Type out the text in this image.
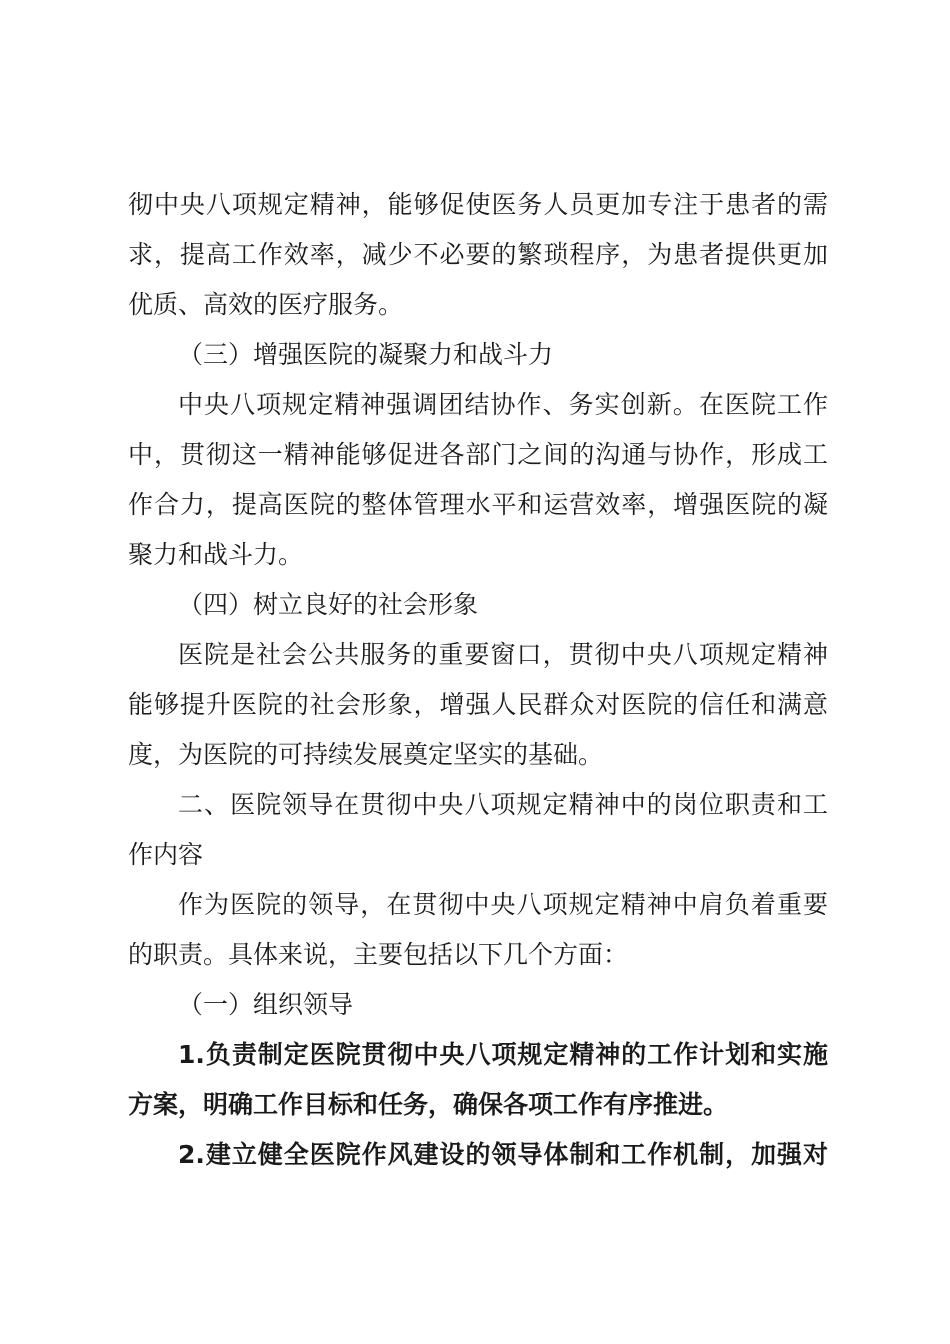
彻中央八项规定精神，能够促使医务人员更加专注于患者的需
求，提高工作效率，减少不必要的繁琐程序，为患者提供更加
优质、高效的医疗服务。
（三）增强医院的凝聚力和战斗力
中央八项规定精神强调团结协作、务实创新。在医院工作
中，贯彻这一精神能够促进各部门之间的沟通与协作，形成工
作合力，提高医院的整体管理水平和运营效率，增强医院的凝
聚力和战斗力。
（四）树立良好的社会形象
医院是社会公共服务的重要窗口，贯彻中央八项规定精神
能够提升医院的社会形象，增强人民群众对医院的信任和满意
度，为医院的可持续发展奠定坚实的基础。
二、医院领导在贯彻中央八项规定精神中的岗位职责和工
作内容
作为医院的领导，在贯彻中央八项规定精神中肩负着重要
的职责。具体来说，主要包括以下几个方面：
（一）组织领导
1.负责制定医院贯彻中央八项规定精神的工作计划和实施
方案，明确工作目标和任务，确保各项工作有序推进。
2.建立健全医院作风建设的领导体制和工作机制，加强对
